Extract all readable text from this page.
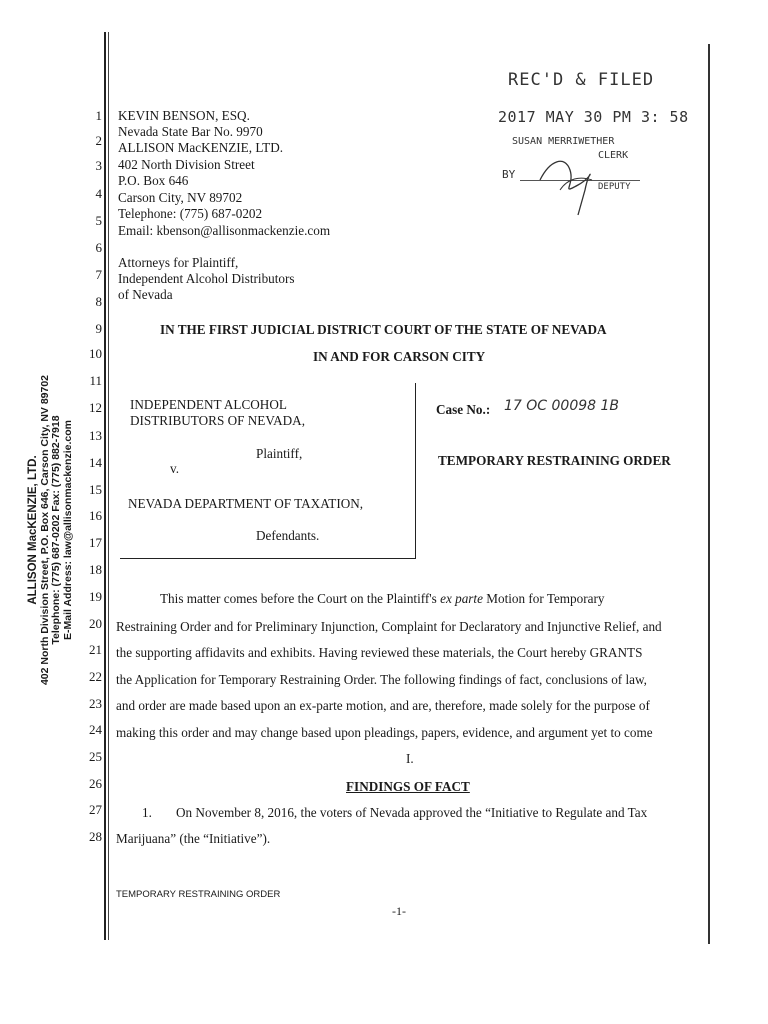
1
2
3
4
5
6
7
8
9
10
11
12
13
14
15
16
17
18
19
20
21
22
23
24
25
26
27
28
ALLISON MacKENZIE, LTD. 402 North Division Street, P.O. Box 646, Carson City, NV 89702 Telephone: (775) 687-0202 Fax: (775) 882-7918 E-Mail Address: law@allisonmackenzie.com
REC'D & FILED
2017 MAY 30 PM 3: 58
SUSAN MERRIWETHER
CLERK
BY
DEPUTY
KEVIN BENSON, ESQ.
Nevada State Bar No. 9970
ALLISON MacKENZIE, LTD.
402 North Division Street
P.O. Box 646
Carson City, NV 89702
Telephone: (775) 687-0202
Email: kbenson@allisonmackenzie.com
Attorneys for Plaintiff,
Independent Alcohol Distributors
of Nevada
IN THE FIRST JUDICIAL DISTRICT COURT OF THE STATE OF NEVADA
IN AND FOR CARSON CITY
INDEPENDENT ALCOHOL
DISTRIBUTORS OF NEVADA,
Plaintiff,
v.
NEVADA DEPARTMENT OF TAXATION,
Defendants.
Case No.: 17 OC 00098 1B
TEMPORARY RESTRAINING ORDER
This matter comes before the Court on the Plaintiff's ex parte Motion for Temporary
Restraining Order and for Preliminary Injunction, Complaint for Declaratory and Injunctive Relief, and
the supporting affidavits and exhibits. Having reviewed these materials, the Court hereby GRANTS
the Application for Temporary Restraining Order. The following findings of fact, conclusions of law,
and order are made based upon an ex-parte motion, and are, therefore, made solely for the purpose of
making this order and may change based upon pleadings, papers, evidence, and argument yet to come
I.
FINDINGS OF FACT
1. On November 8, 2016, the voters of Nevada approved the “Initiative to Regulate and Tax
Marijuana” (the “Initiative”).
TEMPORARY RESTRAINING ORDER
-1-
